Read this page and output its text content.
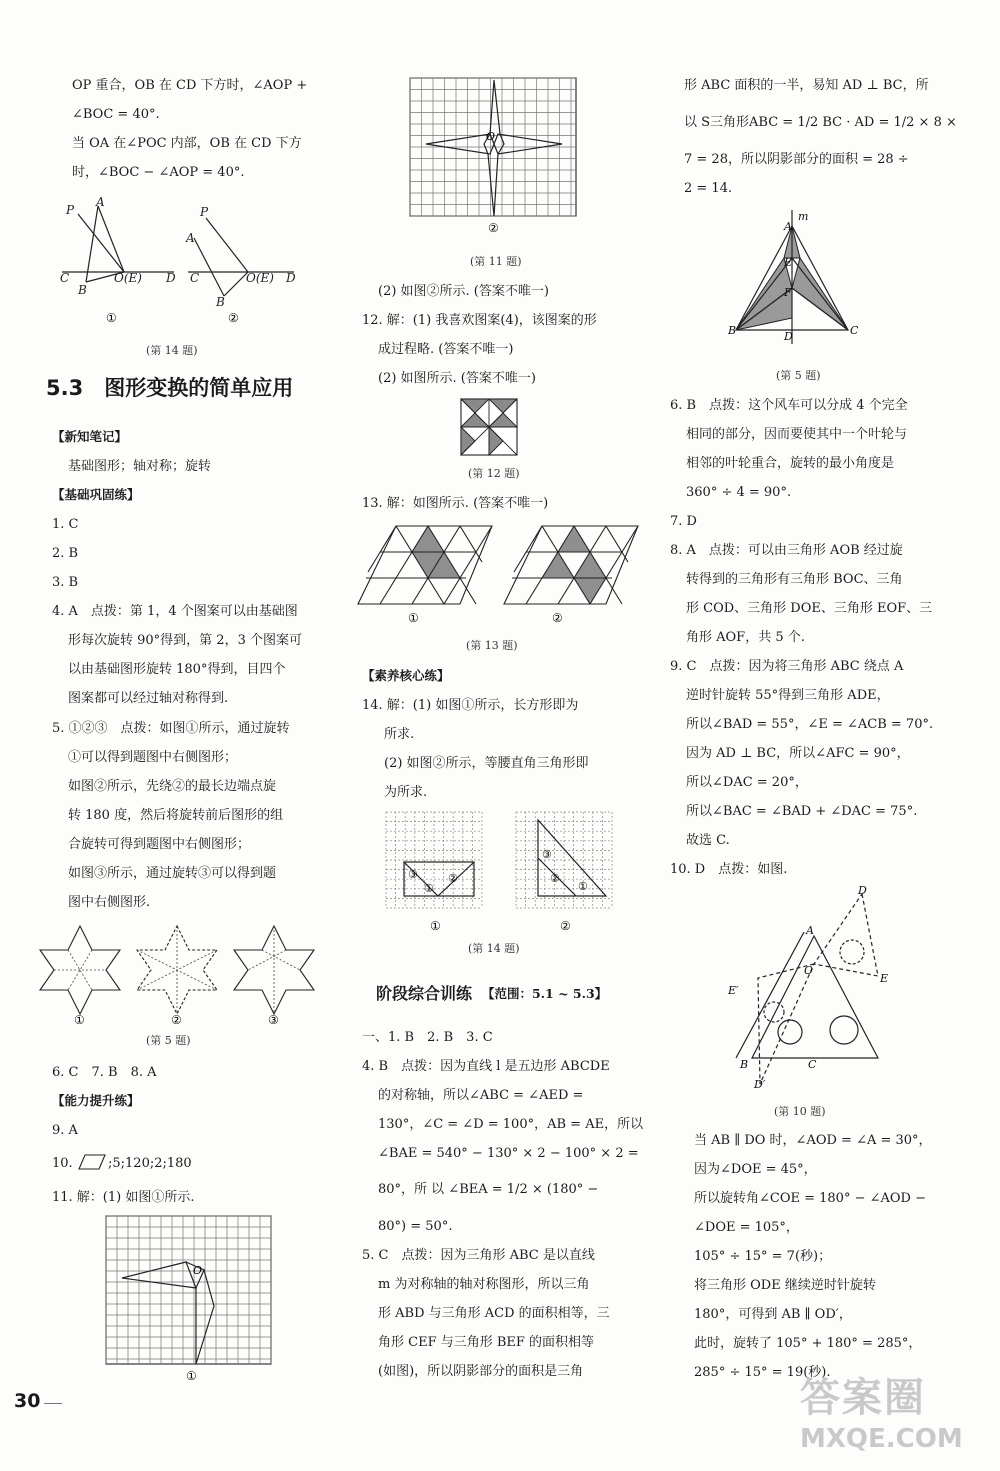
OP 重合，OB 在 CD 下方时，∠AOP +
∠BOC = 40°.
当 OA 在∠POC 内部，OB 在 CD 下方
时，∠BOC − ∠AOP = 40°.
P
A
C	O(E) D
B
P
A
C	O(E) D
B
①	②
(第 14 题)
5.3　图形变换的简单应用
【新知笔记】
基础图形；轴对称；旋转
【基础巩固练】
1. C
2. B
3. B
4. A　点拨：第 1，4 个图案可以由基础图
形每次旋转 90°得到，第 2，3 个图案可
以由基础图形旋转 180°得到，目四个
图案都可以经过轴对称得到.
5. ①②③　点拨：如图①所示，通过旋转
①可以得到题图中右侧图形；
如图②所示，先绕②的最长边端点旋
转 180 度，然后将旋转前后图形的组
合旋转可得到题图中右侧图形；
如图③所示，通过旋转③可以得到题
图中右侧图形.
①	②	③
(第 5 题)
6. C　7. B　8. A
【能力提升练】
9. A
10.	;5;120;2;180
11. 解：(1) 如图①所示.
O
①
O
②
(第 11 题)
(2) 如图②所示. (答案不唯一)
12. 解：(1) 我喜欢图案(4)，该图案的形
成过程略. (答案不唯一)
(2) 如图所示. (答案不唯一)
(第 12 题)
13. 解：如图所示. (答案不唯一)
①	②
(第 13 题)
【素养核心练】
14. 解：(1) 如图①所示，长方形即为
所求.
(2) 如图②所示，等腰直角三角形即
为所求.
③
①
②
③
②
①
①	②
(第 14 题)
阶段综合训练 【范围：5.1 ~ 5.3】
一、1. B　2. B　3. C
4. B　点拨：因为直线 l 是五边形 ABCDE
的对称轴，所以∠ABC = ∠AED =
130°，∠C = ∠D = 100°，AB = AE，所以
∠BAE = 540° − 130° × 2 − 100° × 2 =
80°，所 以 ∠BEA = 1/2 × (180° −
80°) = 50°.
5. C　点拨：因为三角形 ABC 是以直线
m 为对称轴的轴对称图形，所以三角
形 ABD 与三角形 ACD 的面积相等，三
角形 CEF 与三角形 BEF 的面积相等
(如图)，所以阴影部分的面积是三角
形 ABC 面积的一半，易知 AD ⊥ BC，所
以 S三角形ABC = 1/2 BC · AD = 1/2 × 8 ×
7 = 28，所以阴影部分的面积 = 28 ÷
2 = 14.
m
A
E
F
B	D	C
(第 5 题)
6. B　点拨：这个风车可以分成 4 个完全
相同的部分，因而要使其中一个叶轮与
相邻的叶轮重合，旋转的最小角度是
360° ÷ 4 = 90°.
7. D
8. A　点拨：可以由三角形 AOB 经过旋
转得到的三角形有三角形 BOC、三角
形 COD、三角形 DOE、三角形 EOF、三
角形 AOF，共 5 个.
9. C　点拨：因为将三角形 ABC 绕点 A
逆时针旋转 55°得到三角形 ADE，
所以∠BAD = 55°，∠E = ∠ACB = 70°.
因为 AD ⊥ BC，所以∠AFC = 90°，
所以∠DAC = 20°，
所以∠BAC = ∠BAD + ∠DAC = 75°.
故选 C.
10. D　点拨：如图.
D
A
E
E′
O
B	C
D′
(第 10 题)
当 AB ∥ DO 时，∠AOD = ∠A = 30°，
因为∠DOE = 45°，
所以旋转角∠COE = 180° − ∠AOD −
∠DOE = 105°，
105° ÷ 15° = 7(秒)；
将三角形 ODE 继续逆时针旋转
180°，可得到 AB ∥ OD′，
此时，旋转了 105° + 180° = 285°，
285° ÷ 15° = 19(秒).
30	答案圈
MXQE.COM
